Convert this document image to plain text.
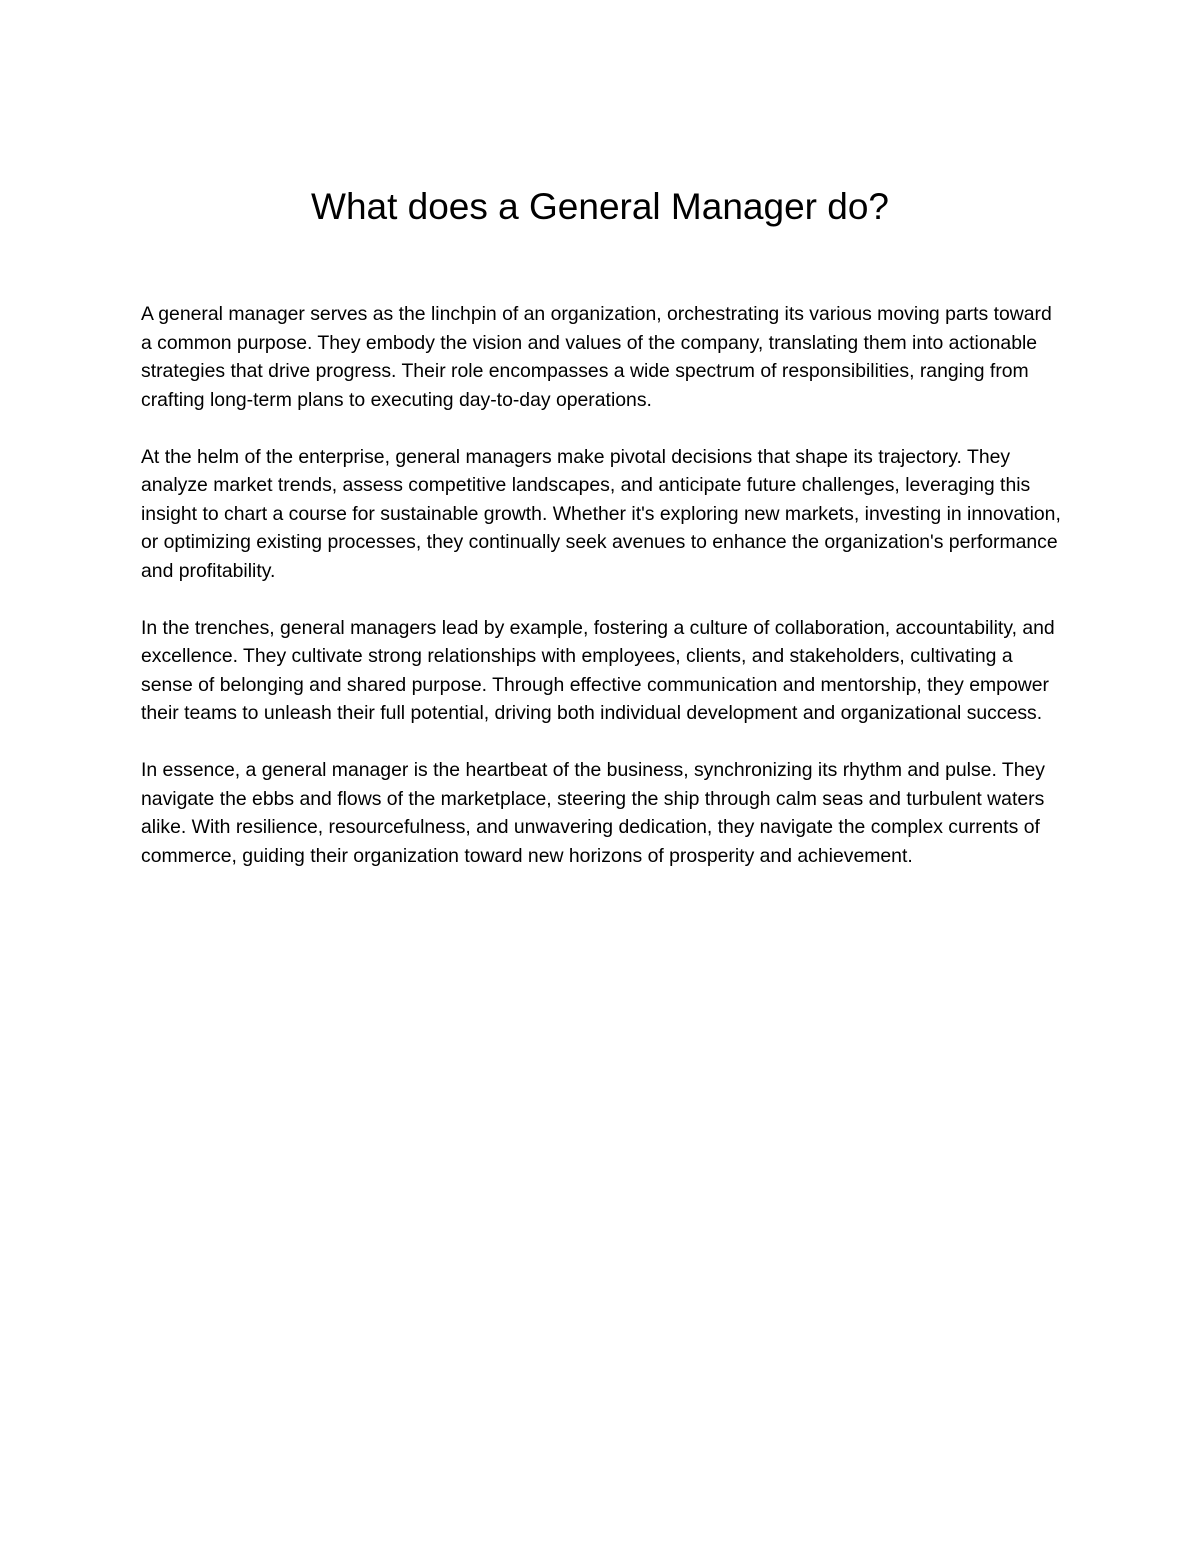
What does a General Manager do?

A general manager serves as the linchpin of an organization, orchestrating its various moving parts toward a common purpose. They embody the vision and values of the company, translating them into actionable strategies that drive progress. Their role encompasses a wide spectrum of responsibilities, ranging from crafting long-term plans to executing day-to-day operations.

At the helm of the enterprise, general managers make pivotal decisions that shape its trajectory. They analyze market trends, assess competitive landscapes, and anticipate future challenges, leveraging this insight to chart a course for sustainable growth. Whether it's exploring new markets, investing in innovation, or optimizing existing processes, they continually seek avenues to enhance the organization's performance and profitability.

In the trenches, general managers lead by example, fostering a culture of collaboration, accountability, and excellence. They cultivate strong relationships with employees, clients, and stakeholders, cultivating a sense of belonging and shared purpose. Through effective communication and mentorship, they empower their teams to unleash their full potential, driving both individual development and organizational success.

In essence, a general manager is the heartbeat of the business, synchronizing its rhythm and pulse. They navigate the ebbs and flows of the marketplace, steering the ship through calm seas and turbulent waters alike. With resilience, resourcefulness, and unwavering dedication, they navigate the complex currents of commerce, guiding their organization toward new horizons of prosperity and achievement.
